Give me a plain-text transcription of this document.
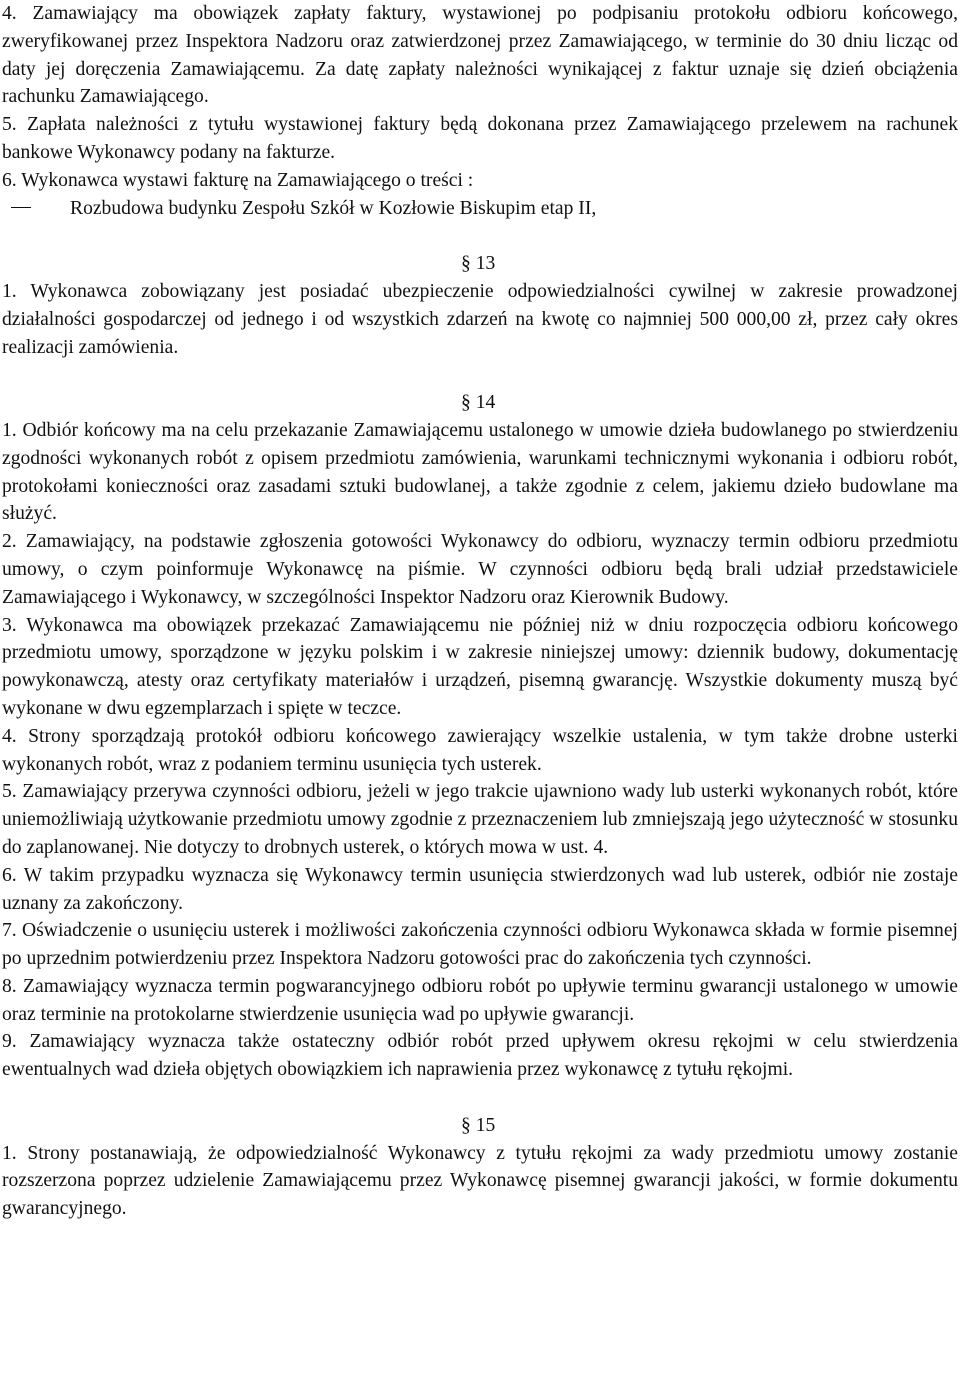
4. Zamawiający ma obowiązek zapłaty faktury, wystawionej po podpisaniu protokołu odbioru końcowego, zweryfikowanej przez Inspektora Nadzoru oraz zatwierdzonej przez Zamawiającego, w terminie do 30 dniu licząc od daty jej doręczenia Zamawiającemu. Za datę zapłaty należności wynikającej z faktur uznaje się dzień obciążenia rachunku Zamawiającego.

5. Zapłata należności z tytułu wystawionej faktury będą dokonana przez Zamawiającego przelewem na rachunek bankowe Wykonawcy podany na fakturze.

6. Wykonawca wystawi fakturę na Zamawiającego o treści :

Rozbudowa budynku Zespołu Szkół w Kozłowie Biskupim etap II,

§ 13

1. Wykonawca zobowiązany jest posiadać ubezpieczenie odpowiedzialności cywilnej w zakresie prowadzonej działalności gospodarczej od jednego i od wszystkich zdarzeń na kwotę co najmniej 500 000,00 zł, przez cały okres realizacji zamówienia.

§ 14

1. Odbiór końcowy ma na celu przekazanie Zamawiającemu ustalonego w umowie dzieła budowlanego po stwierdzeniu zgodności wykonanych robót z opisem przedmiotu zamówienia, warunkami technicznymi wykonania i odbioru robót, protokołami konieczności oraz zasadami sztuki budowlanej, a także zgodnie z celem, jakiemu dzieło budowlane ma służyć.

2. Zamawiający, na podstawie zgłoszenia gotowości Wykonawcy do odbioru, wyznaczy termin odbioru przedmiotu umowy, o czym poinformuje Wykonawcę na piśmie. W czynności odbioru będą brali udział przedstawiciele Zamawiającego i Wykonawcy, w szczególności Inspektor Nadzoru oraz Kierownik Budowy.

3. Wykonawca ma obowiązek przekazać Zamawiającemu nie później niż w dniu rozpoczęcia odbioru końcowego przedmiotu umowy, sporządzone w języku polskim i w zakresie niniejszej umowy: dziennik budowy, dokumentację powykonawczą, atesty oraz certyfikaty materiałów i urządzeń, pisemną gwarancję. Wszystkie dokumenty muszą być wykonane w dwu egzemplarzach i spięte w teczce.

4. Strony sporządzają protokół odbioru końcowego zawierający wszelkie ustalenia, w tym także drobne usterki wykonanych robót, wraz z podaniem terminu usunięcia tych usterek.

5. Zamawiający przerywa czynności odbioru, jeżeli w jego trakcie ujawniono wady lub usterki wykonanych robót, które uniemożliwiają użytkowanie przedmiotu umowy zgodnie z przeznaczeniem lub zmniejszają jego użyteczność w stosunku do zaplanowanej. Nie dotyczy to drobnych usterek, o których mowa w ust. 4.

6. W takim przypadku wyznacza się Wykonawcy termin usunięcia stwierdzonych wad lub usterek, odbiór nie zostaje uznany za zakończony.

7. Oświadczenie o usunięciu usterek i możliwości zakończenia czynności odbioru Wykonawca składa w formie pisemnej po uprzednim potwierdzeniu przez Inspektora Nadzoru gotowości prac do zakończenia tych czynności.

8. Zamawiający wyznacza termin pogwarancyjnego odbioru robót po upływie terminu gwarancji ustalonego w umowie oraz terminie na protokolarne stwierdzenie usunięcia wad po upływie gwarancji.

9. Zamawiający wyznacza także ostateczny odbiór robót przed upływem okresu rękojmi w celu stwierdzenia ewentualnych wad dzieła objętych obowiązkiem ich naprawienia przez wykonawcę z tytułu rękojmi.

§ 15

1. Strony postanawiają, że odpowiedzialność Wykonawcy z tytułu rękojmi za wady przedmiotu umowy zostanie rozszerzona poprzez udzielenie Zamawiającemu przez Wykonawcę pisemnej gwarancji jakości, w formie dokumentu gwarancyjnego.
